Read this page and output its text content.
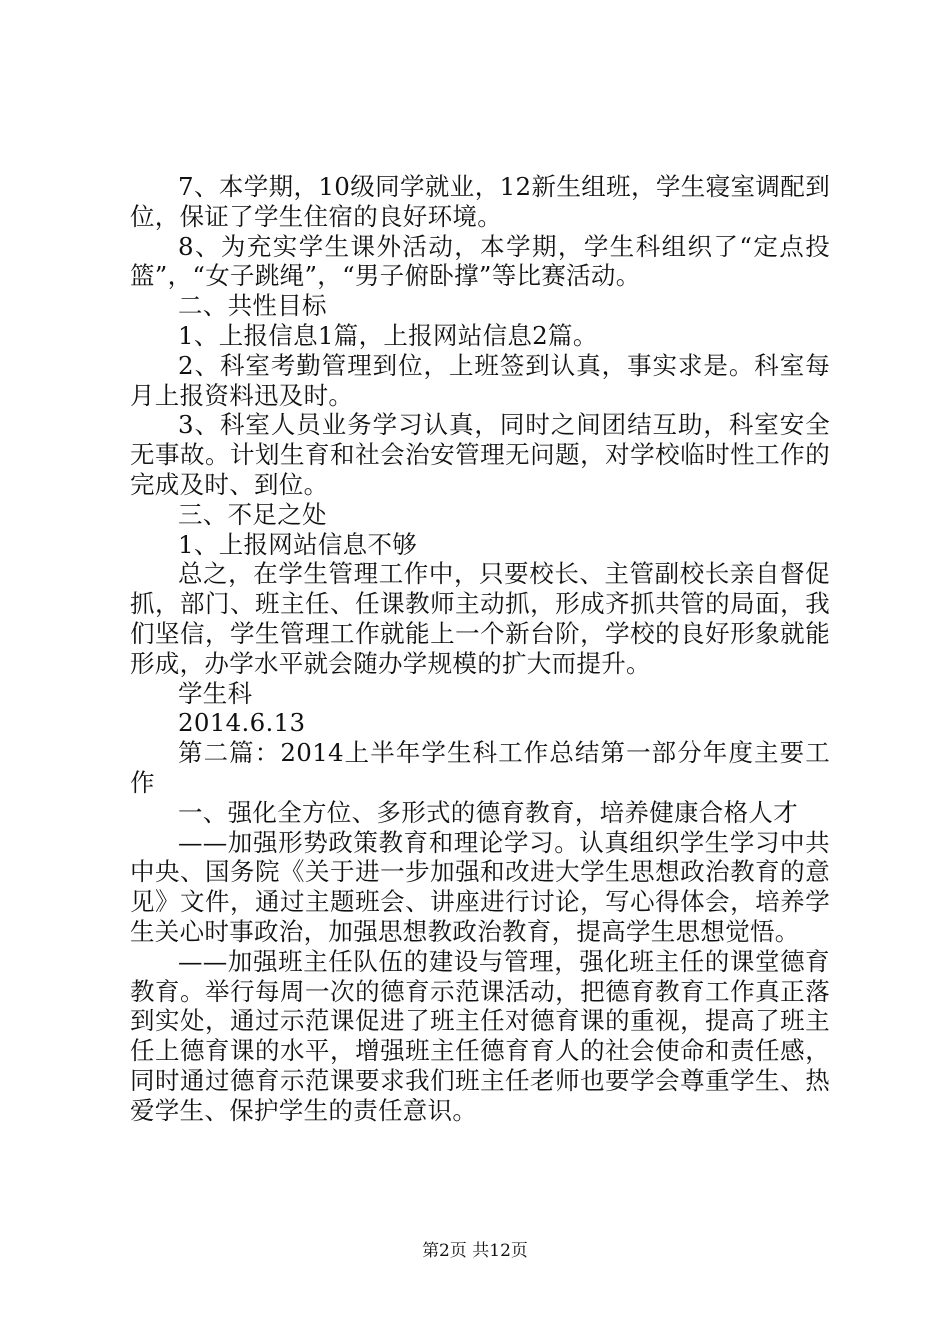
7、本学期，10级同学就业，12新生组班，学生寝室调配到位，保证了学生住宿的良好环境。

8、为充实学生课外活动，本学期，学生科组织了“定点投篮”，“女子跳绳”，“男子俯卧撑”等比赛活动。

二、共性目标

1、上报信息1篇，上报网站信息2篇。

2、科室考勤管理到位，上班签到认真，事实求是。科室每月上报资料迅及时。

3、科室人员业务学习认真，同时之间团结互助，科室安全无事故。计划生育和社会治安管理无问题，对学校临时性工作的完成及时、到位。

三、不足之处

1、上报网站信息不够

总之，在学生管理工作中，只要校长、主管副校长亲自督促抓，部门、班主任、任课教师主动抓，形成齐抓共管的局面，我们坚信，学生管理工作就能上一个新台阶，学校的良好形象就能形成，办学水平就会随办学规模的扩大而提升。

学生科

2014.6.13

第二篇：2014上半年学生科工作总结第一部分年度主要工作

一、强化全方位、多形式的德育教育，培养健康合格人才

——加强形势政策教育和理论学习。认真组织学生学习中共中央、国务院《关于进一步加强和改进大学生思想政治教育的意见》文件，通过主题班会、讲座进行讨论，写心得体会，培养学生关心时事政治，加强思想教政治教育，提高学生思想觉悟。

——加强班主任队伍的建设与管理，强化班主任的课堂德育教育。举行每周一次的德育示范课活动，把德育教育工作真正落到实处，通过示范课促进了班主任对德育课的重视，提高了班主任上德育课的水平，增强班主任德育育人的社会使命和责任感，同时通过德育示范课要求我们班主任老师也要学会尊重学生、热爱学生、保护学生的责任意识。

第2页 共12页
